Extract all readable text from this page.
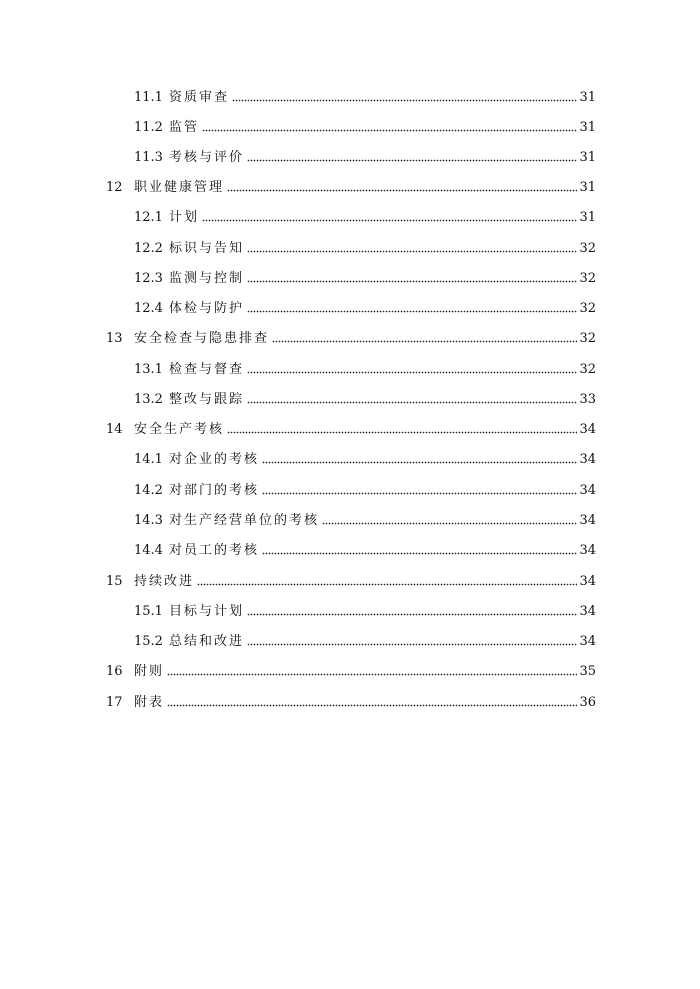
11.1 资质审查	31
11.2 监管	31
11.3 考核与评价	31
12 职业健康管理	31
12.1 计划	31
12.2 标识与告知	32
12.3 监测与控制	32
12.4 体检与防护	32
13 安全检查与隐患排查	32
13.1 检查与督查	32
13.2 整改与跟踪	33
14 安全生产考核	34
14.1 对企业的考核	34
14.2 对部门的考核	34
14.3 对生产经营单位的考核	34
14.4 对员工的考核	34
15 持续改进	34
15.1 目标与计划	34
15.2 总结和改进	34
16 附则	35
17 附表	36
